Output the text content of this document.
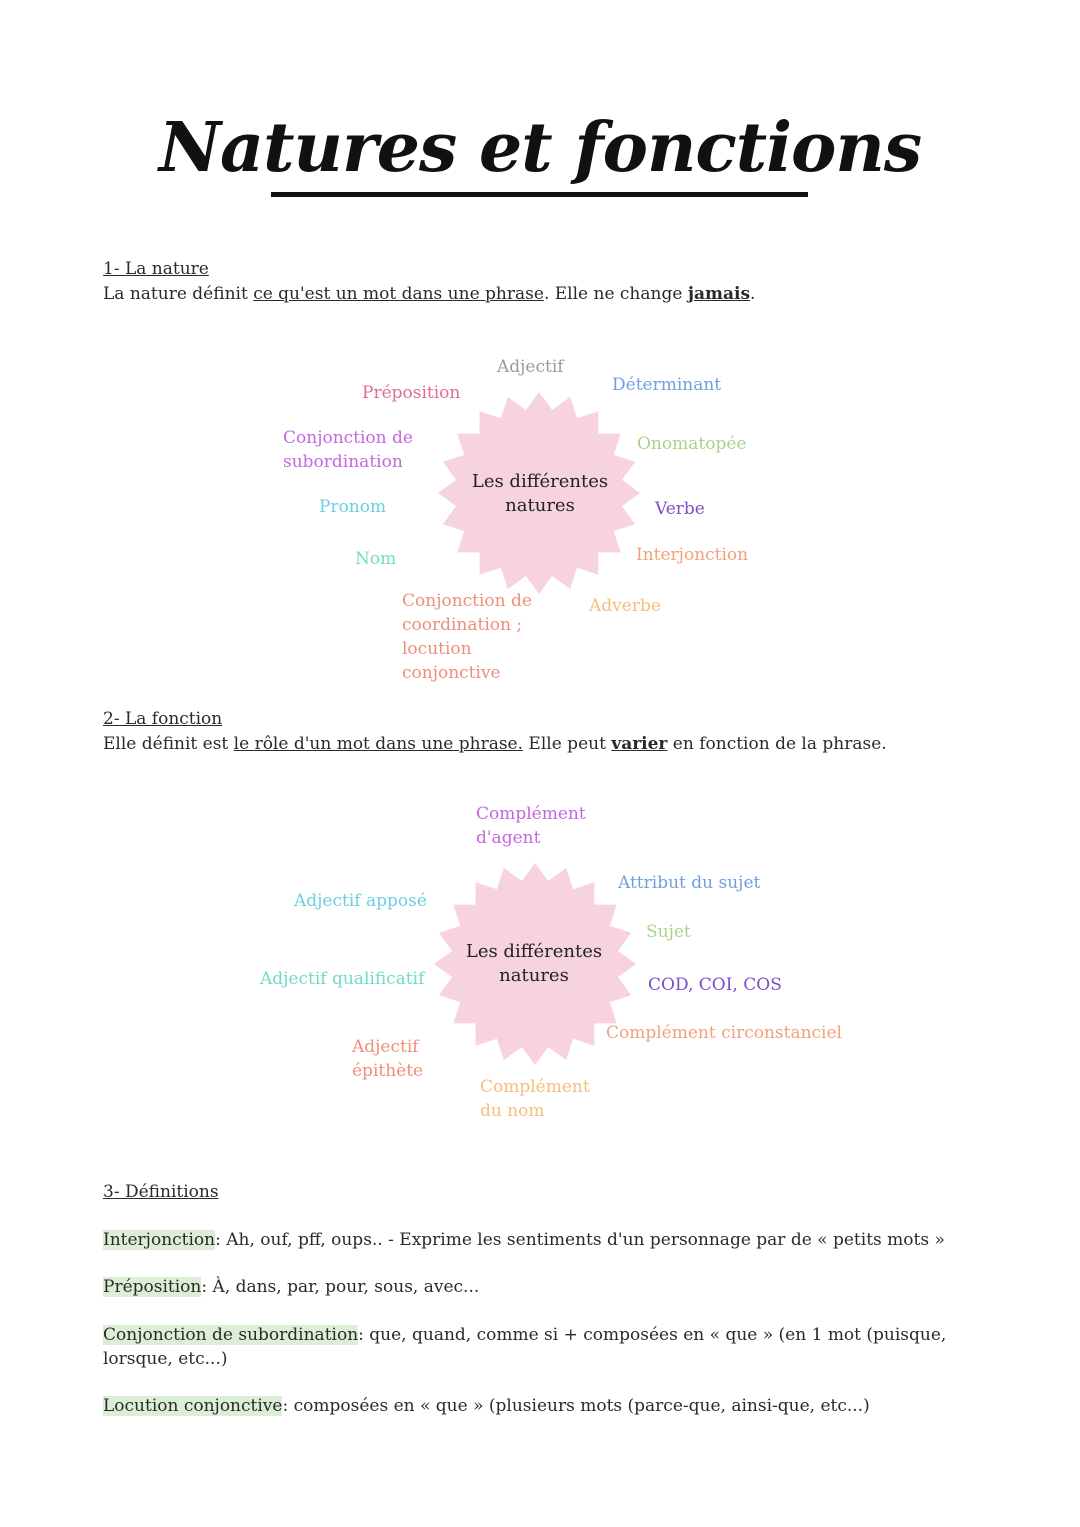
Natures et fonctions
1- La nature
La nature définit ce qu'est un mot dans une phrase. Elle ne change jamais.
Les différentes
natures
Adjectif
Préposition	Déterminant
Conjonction de
subordination
Onomatopée
Pronom	Verbe
Nom	Interjonction
Conjonction de
coordination ;
locution
conjonctive
Adverbe
2- La fonction
Elle définit est le rôle d'un mot dans une phrase. Elle peut varier en fonction de la phrase.
Les différentes
natures
Complément
d'agent
Attribut du sujet
Adjectif apposé
Sujet
Adjectif qualificatif	COD, COI, COS
Complément circonstanciel
Adjectif
épithète
Complément
du nom
3- Définitions
Interjonction: Ah, ouf, pff, oups.. - Exprime les sentiments d'un personnage par de « petits mots »
Préposition: À, dans, par, pour, sous, avec...
Conjonction de subordination: que, quand, comme si + composées en « que » (en 1 mot (puisque, lorsque, etc...)
Locution conjonctive: composées en « que » (plusieurs mots (parce-que, ainsi-que, etc...)
